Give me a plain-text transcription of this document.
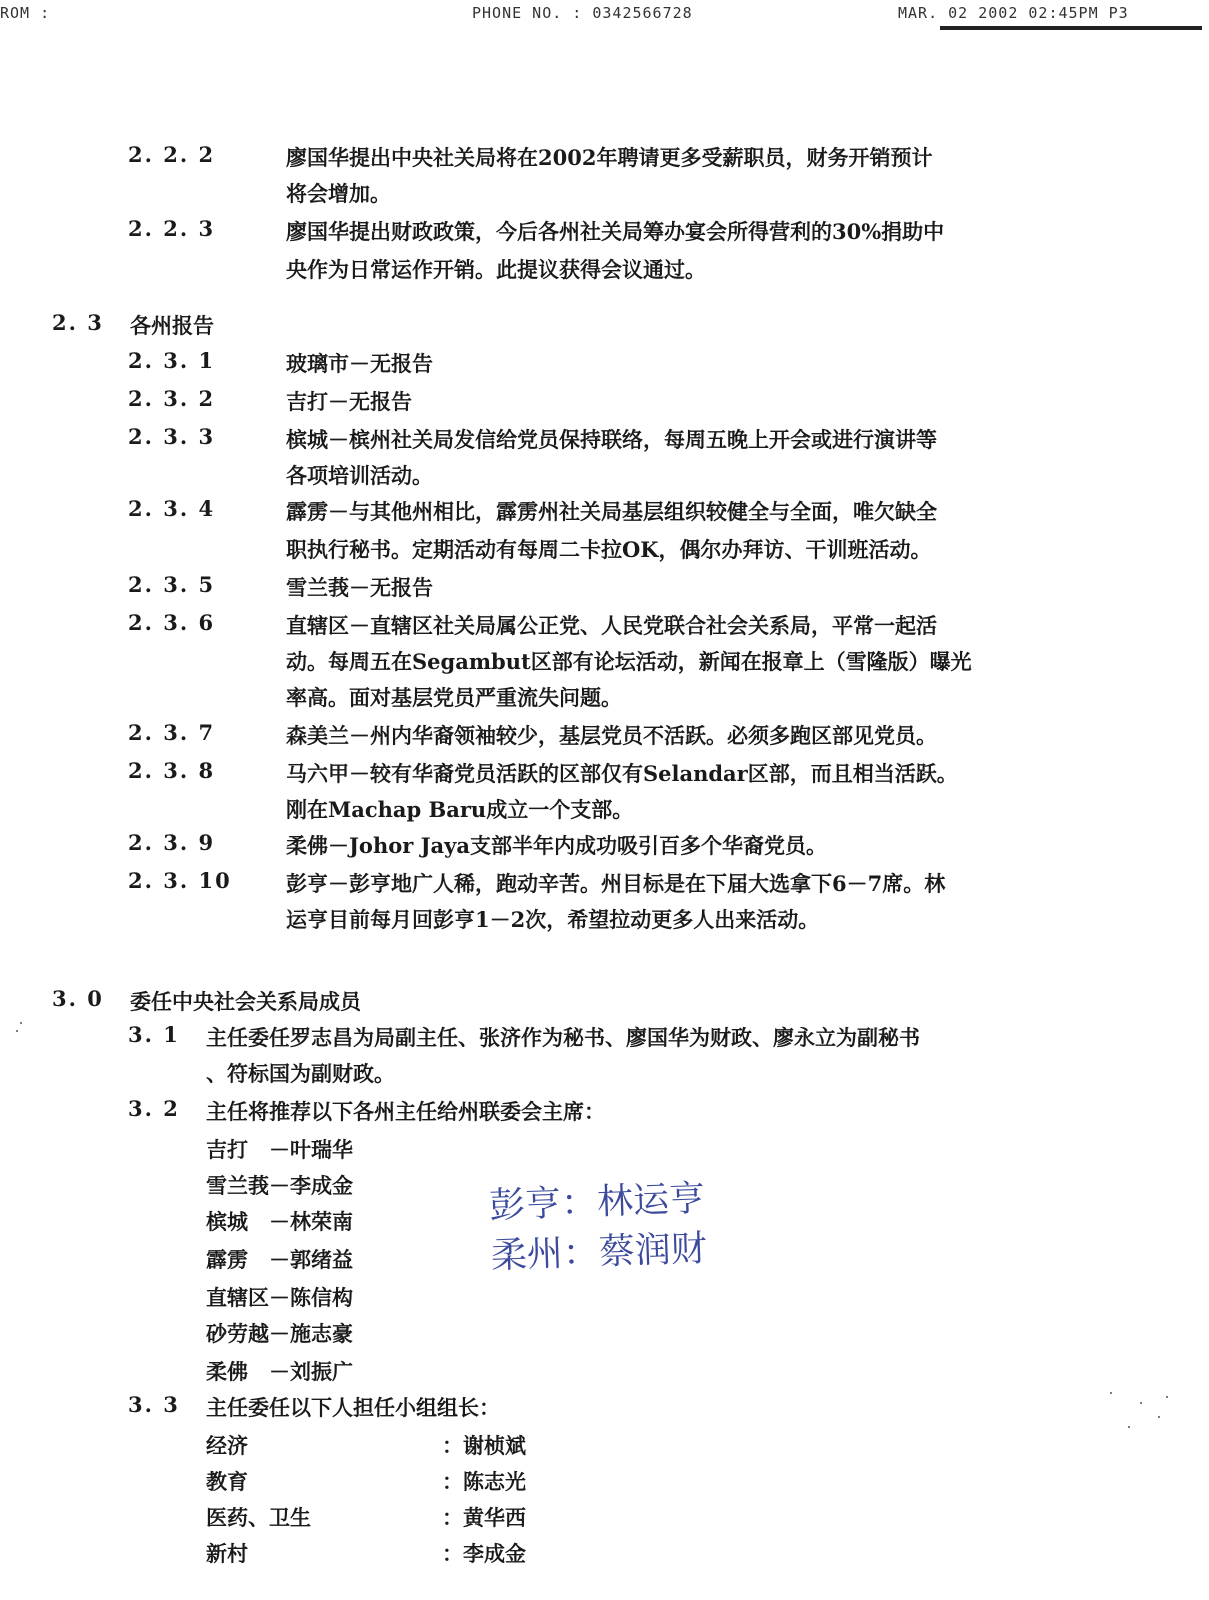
ROM :	PHONE NO. : 0342566728	MAR. 02 2002 02:45PM P3
2. 2. 2	廖国华提出中央社关局将在2002年聘请更多受薪职员，财务开销预计
将会增加。
2. 2. 3	廖国华提出财政政策，今后各州社关局筹办宴会所得营利的30%捐助中
央作为日常运作开销。此提议获得会议通过。
2. 3 各州报告
2. 3. 1	玻璃市－无报告
2. 3. 2	吉打－无报告
2. 3. 3	槟城－槟州社关局发信给党员保持联络，每周五晚上开会或进行演讲等
各项培训活动。
2. 3. 4	霹雳－与其他州相比，霹雳州社关局基层组织较健全与全面，唯欠缺全
职执行秘书。定期活动有每周二卡拉OK，偶尔办拜访、干训班活动。
2. 3. 5	雪兰莪－无报告
2. 3. 6	直辖区－直辖区社关局属公正党、人民党联合社会关系局，平常一起活
动。每周五在Segambut区部有论坛活动，新闻在报章上（雪隆版）曝光
率高。面对基层党员严重流失问题。
2. 3. 7	森美兰－州内华裔领袖较少，基层党员不活跃。必须多跑区部见党员。
2. 3. 8	马六甲－较有华裔党员活跃的区部仅有Selandar区部，而且相当活跃。
刚在Machap Baru成立一个支部。
2. 3. 9	柔佛－Johor Jaya支部半年内成功吸引百多个华裔党员。
2. 3. 10	彭亨－彭亨地广人稀，跑动辛苦。州目标是在下届大选拿下6－7席。林
运亨目前每月回彭亨1－2次，希望拉动更多人出来活动。
3. 0 委任中央社会关系局成员
3. 1 主任委任罗志昌为局副主任、张济作为秘书、廖国华为财政、廖永立为副秘书
、符标国为副财政。
3. 2 主任将推荐以下各州主任给州联委会主席：
吉打　－叶瑞华
雪兰莪－李成金
槟城　－林荣南
霹雳　－郭绪益
直辖区－陈信构
砂劳越－施志豪
柔佛　－刘振广
彭亨：林运亨
柔州：蔡润财
3. 3 主任委任以下人担任小组组长：
经济	：谢桢斌
教育	：陈志光
医药、卫生	：黄华西
新村	：李成金
